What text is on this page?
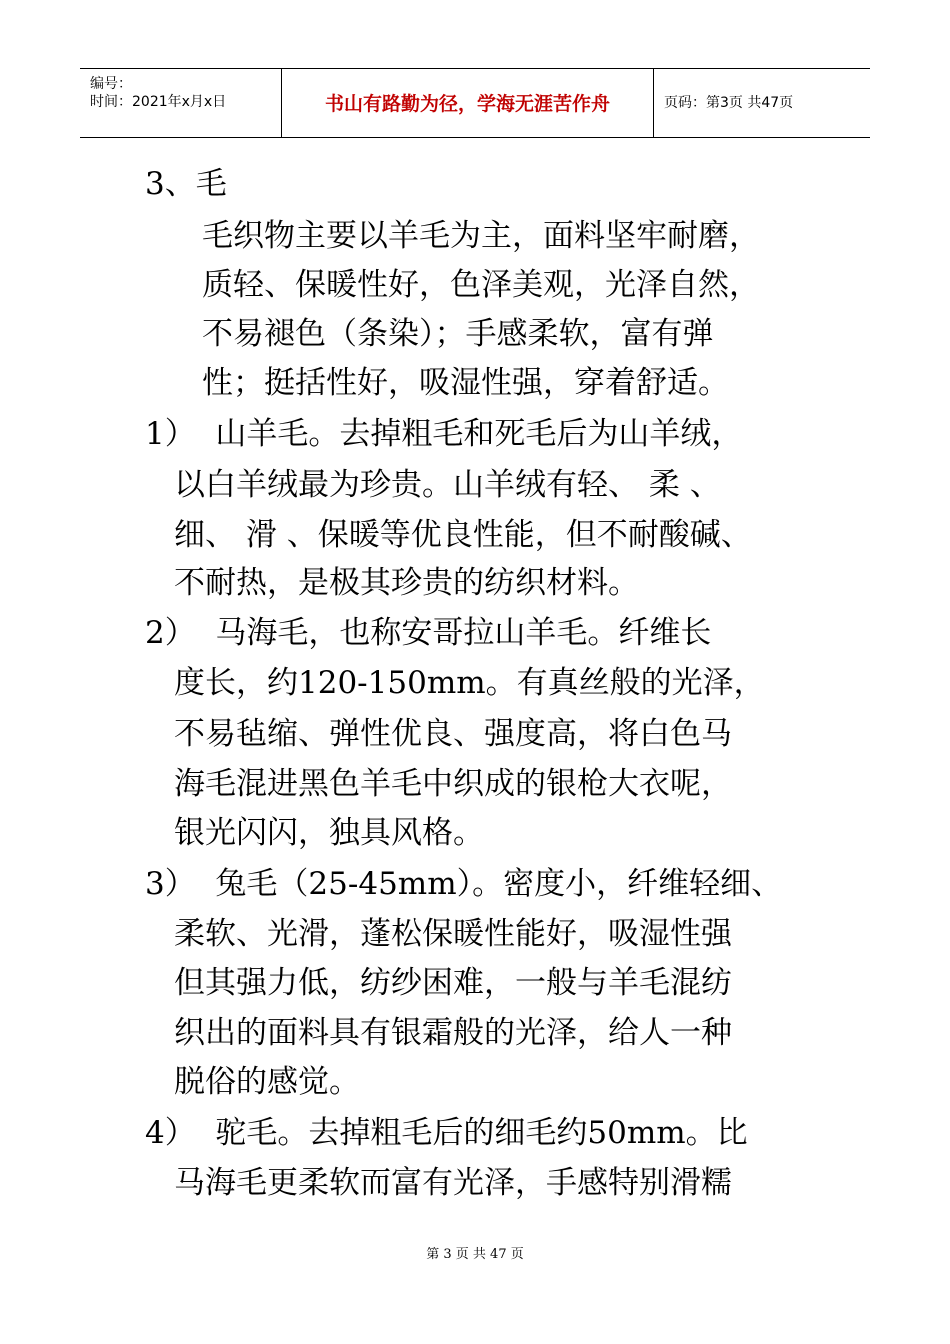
编号：
时间：2021年x月x日	书山有路勤为径，学海无涯苦作舟	页码：第3页 共47页
3、毛
毛织物主要以羊毛为主，面料坚牢耐磨，
质轻、保暖性好，色泽美观，光泽自然，
不易褪色（条染）；手感柔软，富有弹
性；挺括性好，吸湿性强，穿着舒适。
1）  山羊毛。去掉粗毛和死毛后为山羊绒，
以白羊绒最为珍贵。山羊绒有轻、 柔 、
细、 滑 、保暖等优良性能，但不耐酸碱、
不耐热，是极其珍贵的纺织材料。
2）  马海毛，也称安哥拉山羊毛。纤维长
度长，约120-150mm。有真丝般的光泽，
不易毡缩、弹性优良、强度高，将白色马
海毛混进黑色羊毛中织成的银枪大衣呢，
银光闪闪，独具风格。
3）  兔毛（25-45mm）。密度小，纤维轻细、
柔软、光滑，蓬松保暖性能好，吸湿性强
但其强力低，纺纱困难，一般与羊毛混纺
织出的面料具有银霜般的光泽，给人一种
脱俗的感觉。
4）  驼毛。去掉粗毛后的细毛约50mm。比
马海毛更柔软而富有光泽，手感特别滑糯
第 3 页 共 47 页
